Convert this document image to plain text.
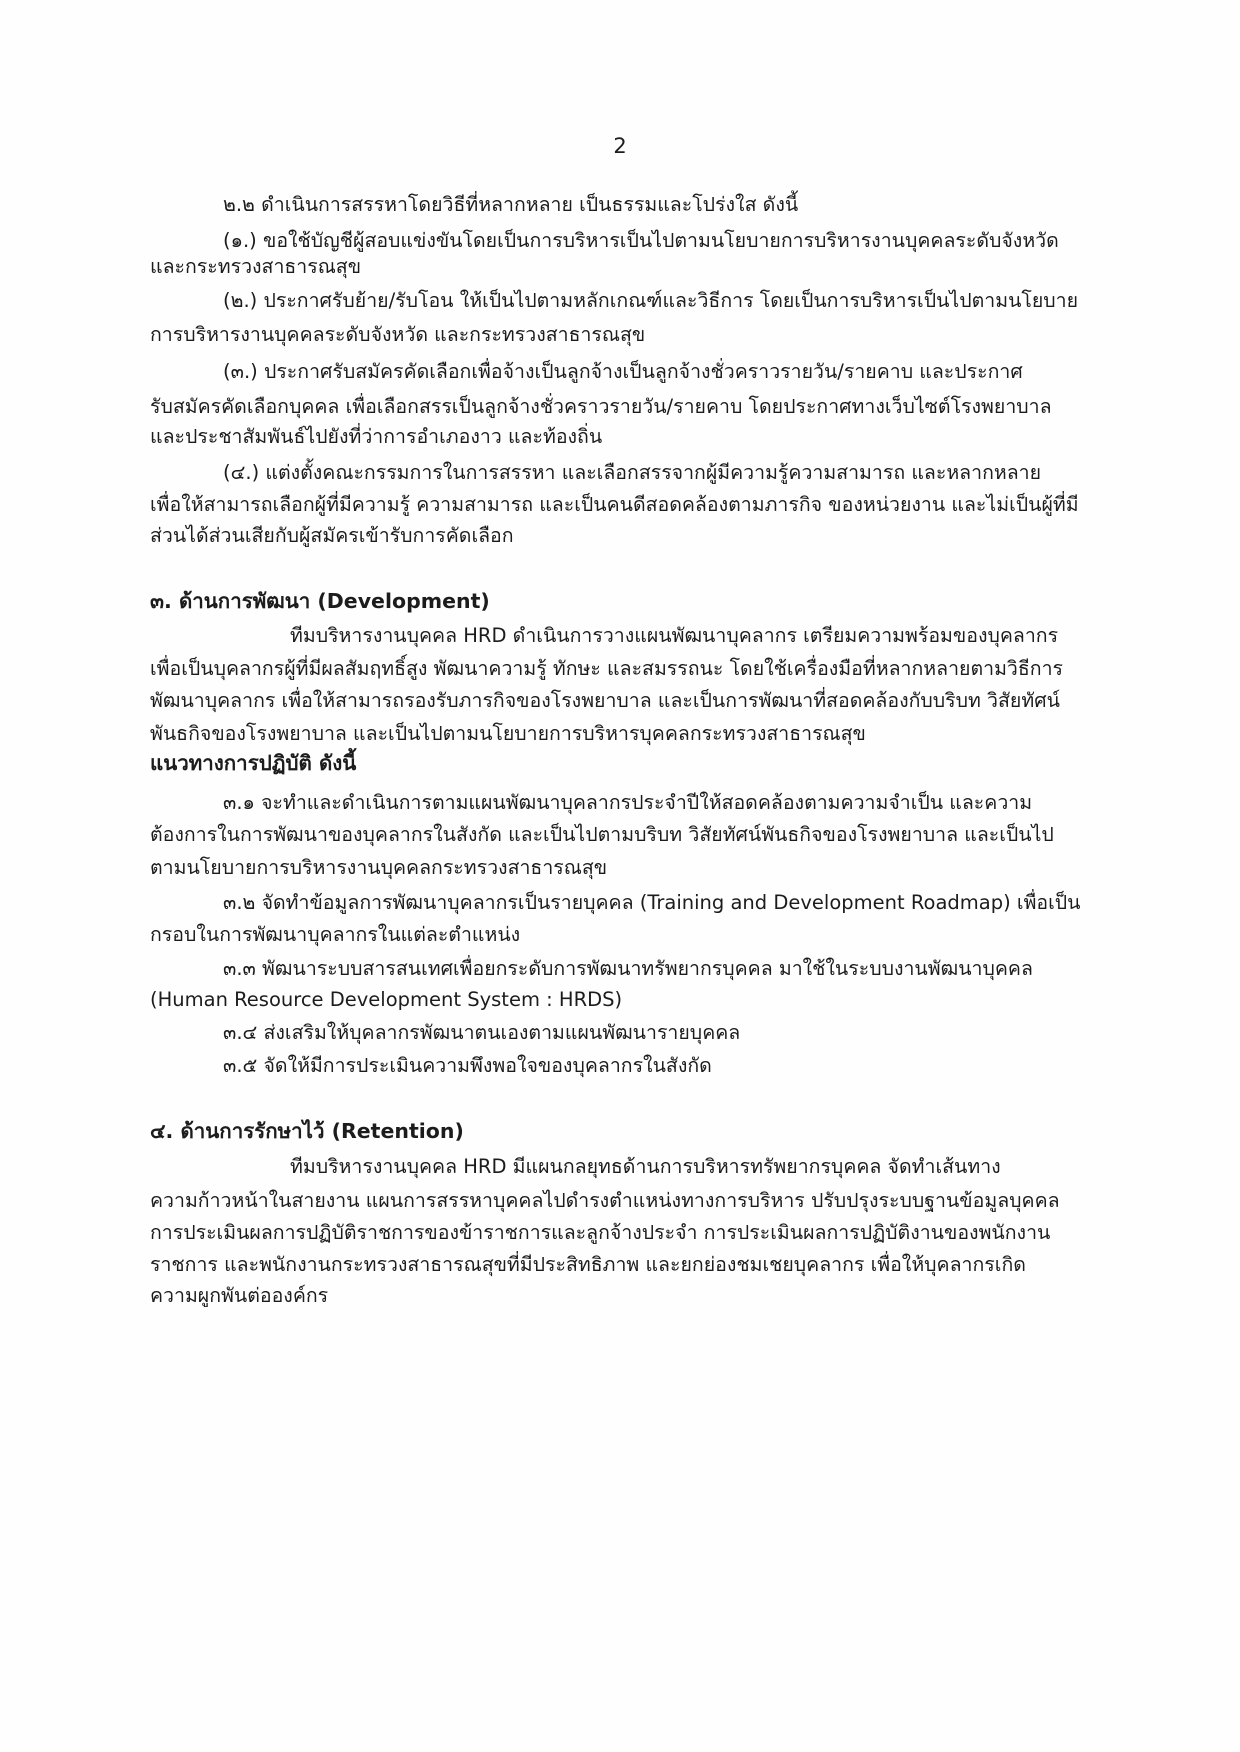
2
๒.๒ ดำเนินการสรรหาโดยวิธีที่หลากหลาย เป็นธรรมและโปร่งใส ดังนี้
(๑.) ขอใช้บัญชีผู้สอบแข่งขันโดยเป็นการบริหารเป็นไปตามนโยบายการบริหารงานบุคคลระดับจังหวัด
และกระทรวงสาธารณสุข
(๒.) ประกาศรับย้าย/รับโอน ให้เป็นไปตามหลักเกณฑ์และวิธีการ โดยเป็นการบริหารเป็นไปตามนโยบาย
การบริหารงานบุคคลระดับจังหวัด และกระทรวงสาธารณสุข
(๓.) ประกาศรับสมัครคัดเลือกเพื่อจ้างเป็นลูกจ้างเป็นลูกจ้างชั่วคราวรายวัน/รายคาบ และประกาศ
รับสมัครคัดเลือกบุคคล เพื่อเลือกสรรเป็นลูกจ้างชั่วคราวรายวัน/รายคาบ โดยประกาศทางเว็บไซต์โรงพยาบาล
และประชาสัมพันธ์ไปยังที่ว่าการอำเภองาว และท้องถิ่น
(๔.) แต่งตั้งคณะกรรมการในการสรรหา และเลือกสรรจากผู้มีความรู้ความสามารถ และหลากหลาย
เพื่อให้สามารถเลือกผู้ที่มีความรู้ ความสามารถ และเป็นคนดีสอดคล้องตามภารกิจ ของหน่วยงาน และไม่เป็นผู้ที่มี
ส่วนได้ส่วนเสียกับผู้สมัครเข้ารับการคัดเลือก
๓. ด้านการพัฒนา (Development)
ทีมบริหารงานบุคคล HRD ดำเนินการวางแผนพัฒนาบุคลากร เตรียมความพร้อมของบุคลากร
เพื่อเป็นบุคลากรผู้ที่มีผลสัมฤทธิ์สูง พัฒนาความรู้ ทักษะ และสมรรถนะ โดยใช้เครื่องมือที่หลากหลายตามวิธีการ
พัฒนาบุคลากร เพื่อให้สามารถรองรับภารกิจของโรงพยาบาล และเป็นการพัฒนาที่สอดคล้องกับบริบท วิสัยทัศน์
พันธกิจของโรงพยาบาล และเป็นไปตามนโยบายการบริหารบุคคลกระทรวงสาธารณสุข
แนวทางการปฏิบัติ ดังนี้
๓.๑ จะทำและดำเนินการตามแผนพัฒนาบุคลากรประจำปีให้สอดคล้องตามความจำเป็น และความ
ต้องการในการพัฒนาของบุคลากรในสังกัด และเป็นไปตามบริบท วิสัยทัศน์พันธกิจของโรงพยาบาล และเป็นไป
ตามนโยบายการบริหารงานบุคคลกระทรวงสาธารณสุข
๓.๒ จัดทำข้อมูลการพัฒนาบุคลากรเป็นรายบุคคล (Training and Development Roadmap) เพื่อเป็น
กรอบในการพัฒนาบุคลากรในแต่ละตำแหน่ง
๓.๓ พัฒนาระบบสารสนเทศเพื่อยกระดับการพัฒนาทรัพยากรบุคคล มาใช้ในระบบงานพัฒนาบุคคล
(Human Resource Development System : HRDS)
๓.๔ ส่งเสริมให้บุคลากรพัฒนาตนเองตามแผนพัฒนารายบุคคล
๓.๕ จัดให้มีการประเมินความพึงพอใจของบุคลากรในสังกัด
๔. ด้านการรักษาไว้ (Retention)
ทีมบริหารงานบุคคล HRD มีแผนกลยุทธด้านการบริหารทรัพยากรบุคคล จัดทำเส้นทาง
ความก้าวหน้าในสายงาน แผนการสรรหาบุคคลไปดำรงตำแหน่งทางการบริหาร ปรับปรุงระบบฐานข้อมูลบุคคล
การประเมินผลการปฏิบัติราชการของข้าราชการและลูกจ้างประจำ การประเมินผลการปฏิบัติงานของพนักงาน
ราชการ และพนักงานกระทรวงสาธารณสุขที่มีประสิทธิภาพ และยกย่องชมเชยบุคลากร เพื่อให้บุคลากรเกิด
ความผูกพันต่อองค์กร
